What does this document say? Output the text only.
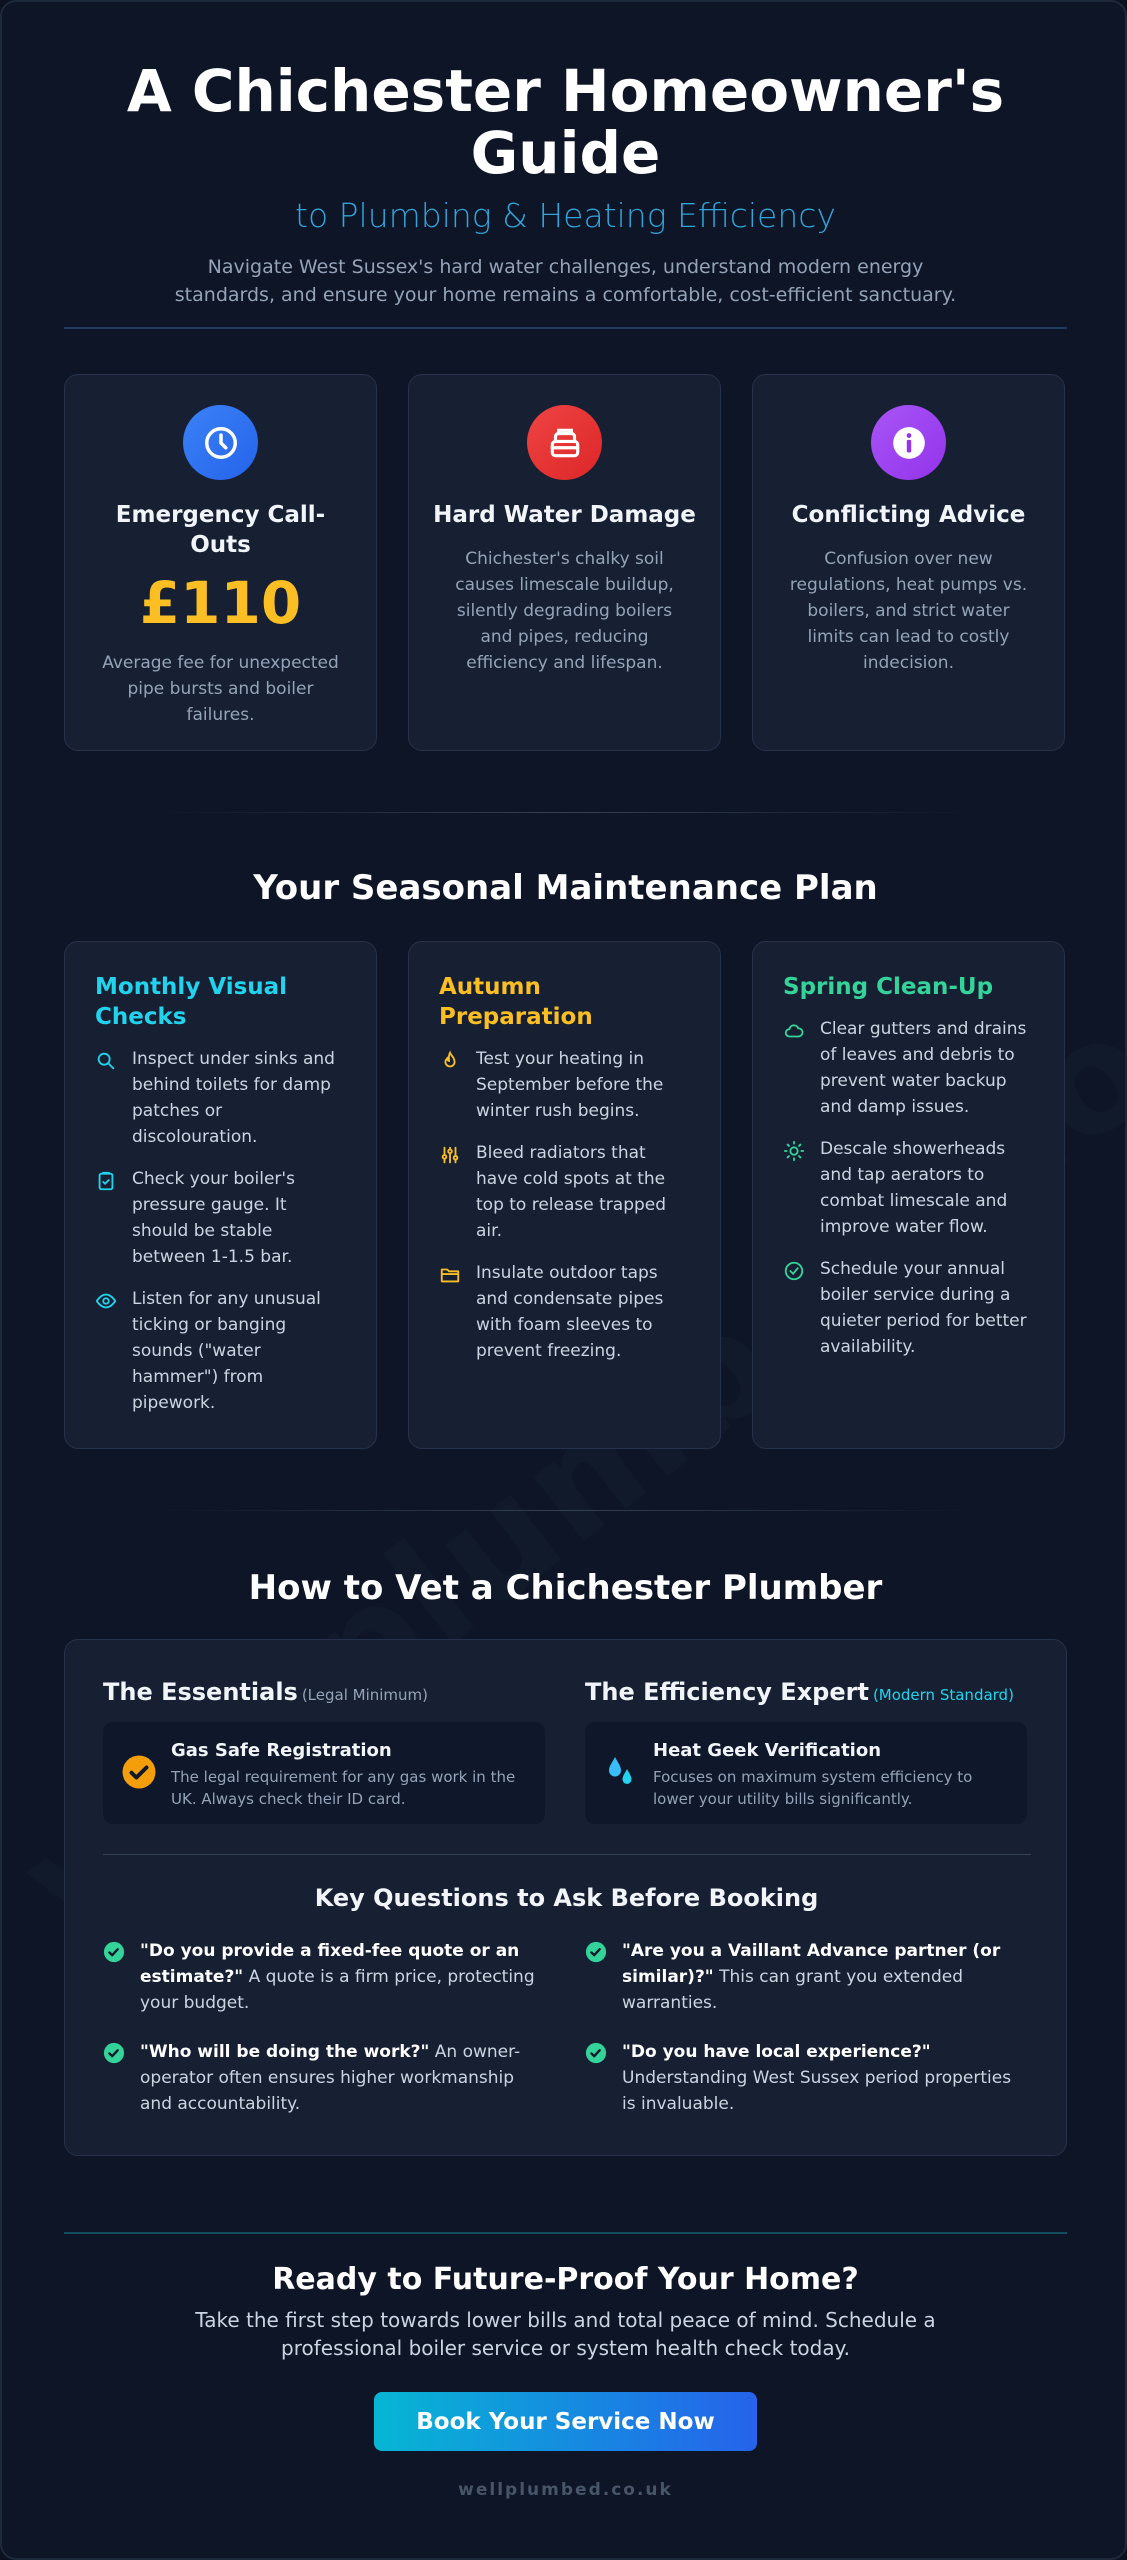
A Chichester Homeowner's Guide
to Plumbing & Heating Efficiency
Navigate West Sussex's hard water challenges, understand modern energy standards, and ensure your home remains a comfortable, cost-efficient sanctuary.
Emergency Call-Outs
£110

Average fee for unexpected pipe bursts and boiler failures.

Hard Water Damage

Chichester's chalky soil causes limescale buildup, silently degrading boilers and pipes, reducing efficiency and lifespan.

Conflicting Advice

Confusion over new regulations, heat pumps vs. boilers, and strict water limits can lead to costly indecision.

Your Seasonal Maintenance Plan
Monthly Visual Checks
Inspect under sinks and behind toilets for damp patches or discolouration.
Check your boiler's pressure gauge. It should be stable between 1-1.5 bar.
Listen for any unusual ticking or banging sounds ("water hammer") from pipework.
Autumn Preparation
Test your heating in September before the winter rush begins.
Bleed radiators that have cold spots at the top to release trapped air.
Insulate outdoor taps and condensate pipes with foam sleeves to prevent freezing.
Spring Clean-Up
Clear gutters and drains of leaves and debris to prevent water backup and damp issues.
Descale showerheads and tap aerators to combat limescale and improve water flow.
Schedule your annual boiler service during a quieter period for better availability.
How to Vet a Chichester Plumber
The Essentials (Legal Minimum)
Gas Safe Registration
The legal requirement for any gas work in the UK. Always check their ID card.
The Efficiency Expert (Modern Standard)
Heat Geek Verification
Focuses on maximum system efficiency to lower your utility bills significantly.
Key Questions to Ask Before Booking
"Do you provide a fixed-fee quote or an estimate?" A quote is a firm price, protecting your budget.
"Are you a Vaillant Advance partner (or similar)?" This can grant you extended warranties.
"Who will be doing the work?" An owner-operator often ensures higher workmanship and accountability.
"Do you have local experience?" Understanding West Sussex period properties is invaluable.
Ready to Future-Proof Your Home?
Take the first step towards lower bills and total peace of mind. Schedule a professional boiler service or system health check today.
Book Your Service Now
wellplumbed.co.uk
